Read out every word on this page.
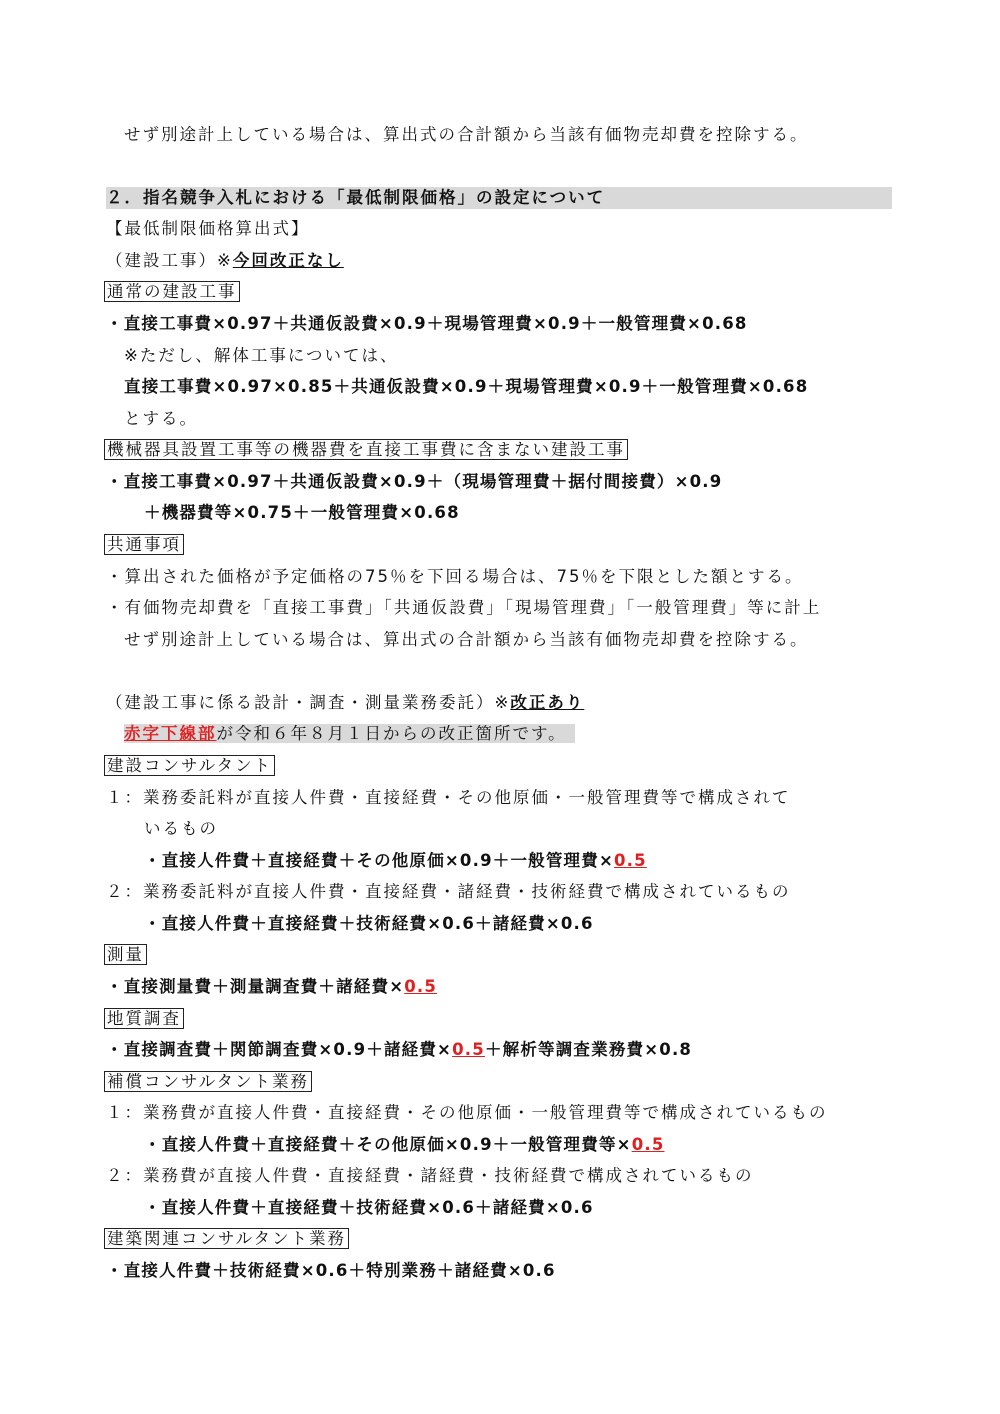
せず別途計上している場合は、算出式の合計額から当該有価物売却費を控除する。
２．指名競争入札における「最低制限価格」の設定について
【最低制限価格算出式】
（建設工事）※今回改正なし
通常の建設工事
・直接工事費×0.97＋共通仮設費×0.9＋現場管理費×0.9＋一般管理費×0.68
※ただし、解体工事については、
直接工事費×0.97×0.85＋共通仮設費×0.9＋現場管理費×0.9＋一般管理費×0.68
とする。
機械器具設置工事等の機器費を直接工事費に含まない建設工事
・直接工事費×0.97＋共通仮設費×0.9＋（現場管理費＋据付間接費）×0.9
＋機器費等×0.75＋一般管理費×0.68
共通事項
・算出された価格が予定価格の75％を下回る場合は、75％を下限とした額とする。
・有価物売却費を「直接工事費」「共通仮設費」「現場管理費」「一般管理費」等に計上
せず別途計上している場合は、算出式の合計額から当該有価物売却費を控除する。
（建設工事に係る設計・調査・測量業務委託）※改正あり
赤字下線部が令和６年８月１日からの改正箇所です。
建設コンサルタント
１：業務委託料が直接人件費・直接経費・その他原価・一般管理費等で構成されて
いるもの
・直接人件費＋直接経費＋その他原価×0.9＋一般管理費×0.5
２：業務委託料が直接人件費・直接経費・諸経費・技術経費で構成されているもの
・直接人件費＋直接経費＋技術経費×0.6＋諸経費×0.6
測量
・直接測量費＋測量調査費＋諸経費×0.5
地質調査
・直接調査費＋関節調査費×0.9＋諸経費×0.5＋解析等調査業務費×0.8
補償コンサルタント業務
１：業務費が直接人件費・直接経費・その他原価・一般管理費等で構成されているもの
・直接人件費＋直接経費＋その他原価×0.9＋一般管理費等×0.5
２：業務費が直接人件費・直接経費・諸経費・技術経費で構成されているもの
・直接人件費＋直接経費＋技術経費×0.6＋諸経費×0.6
建築関連コンサルタント業務
・直接人件費＋技術経費×0.6＋特別業務＋諸経費×0.6
